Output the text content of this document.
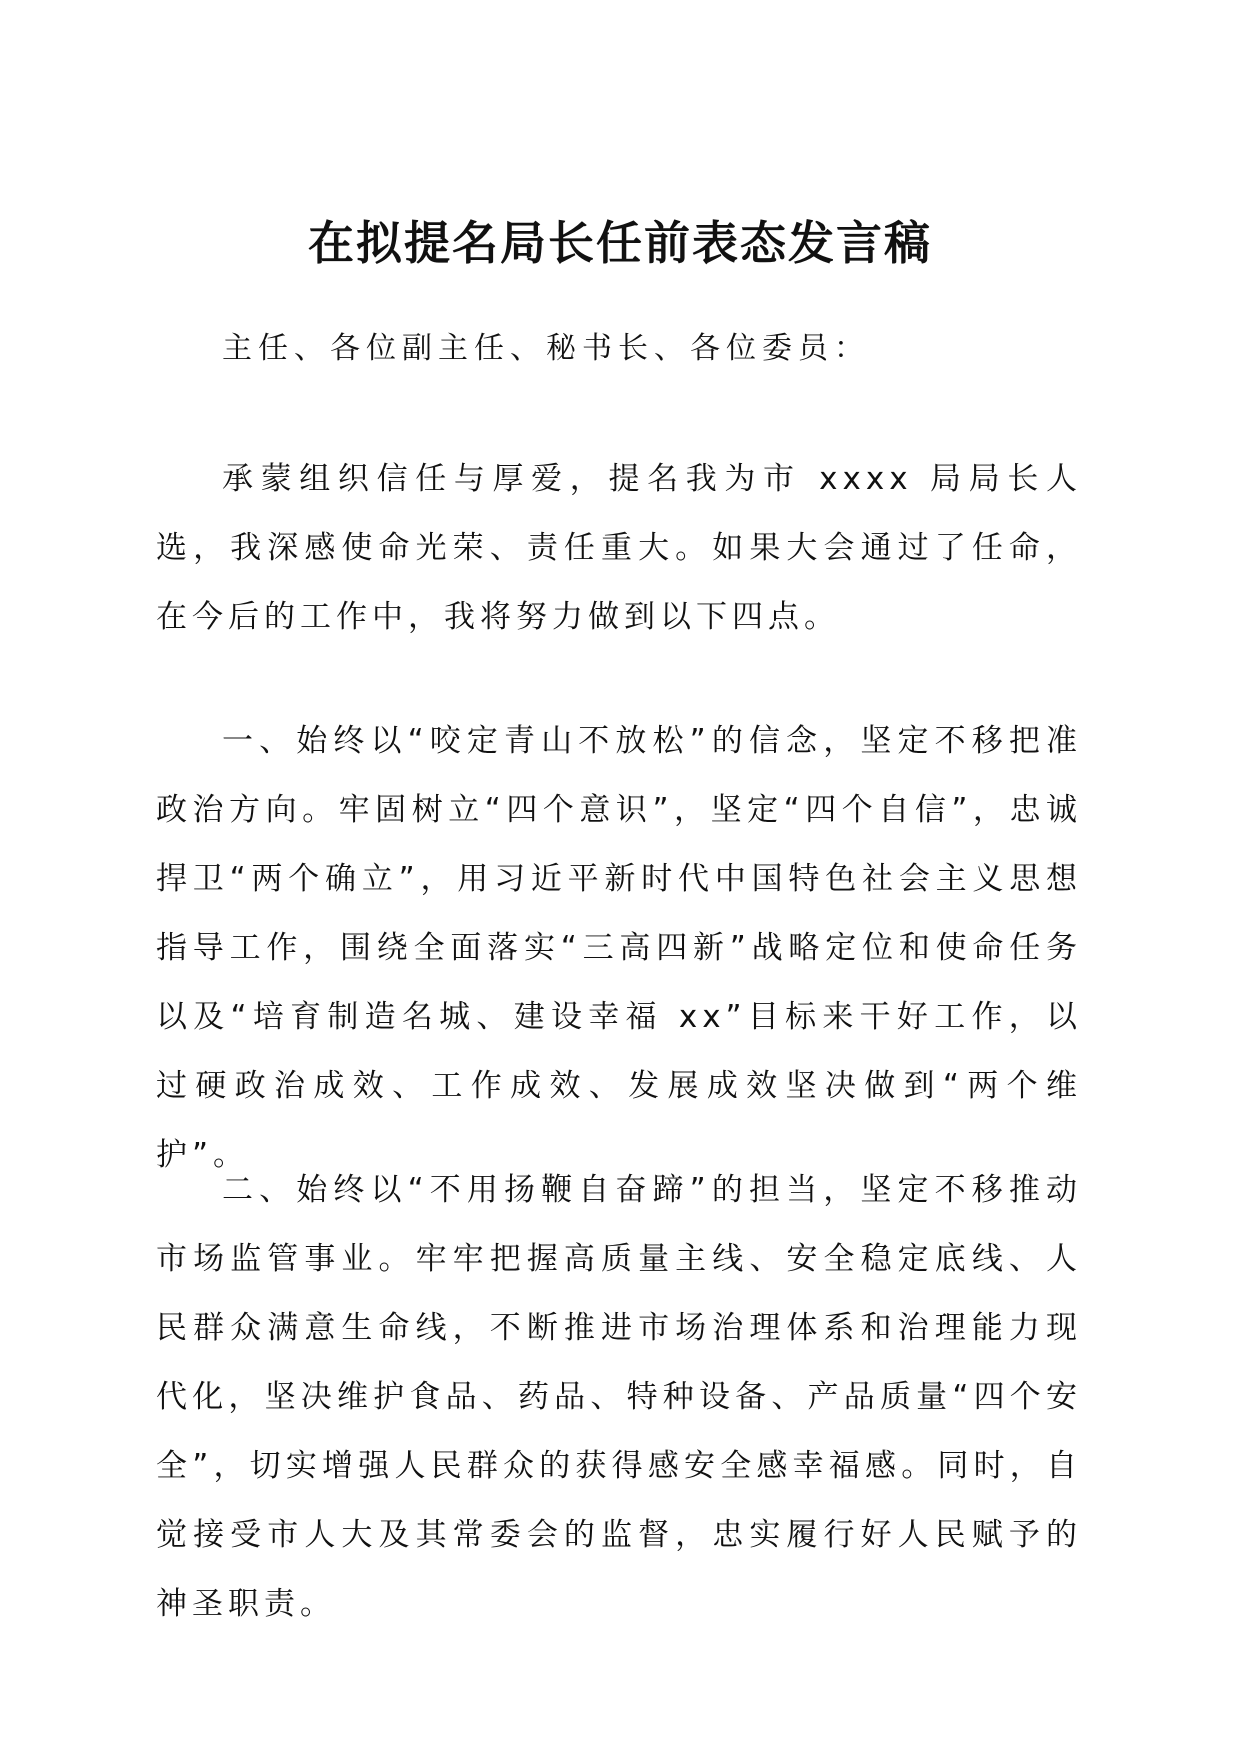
在拟提名局长任前表态发言稿

主任、各位副主任、秘书长、各位委员：

承蒙组织信任与厚爱，提名我为市 xxxx 局局长人选，我深感使命光荣、责任重大。如果大会通过了任命，在今后的工作中，我将努力做到以下四点。

一、始终以“咬定青山不放松”的信念，坚定不移把准政治方向。牢固树立“四个意识”，坚定“四个自信”，忠诚捍卫“两个确立”，用习近平新时代中国特色社会主义思想指导工作，围绕全面落实“三高四新”战略定位和使命任务以及“培育制造名城、建设幸福 xx”目标来干好工作，以过硬政治成效、工作成效、发展成效坚决做到“两个维护”。

二、始终以“不用扬鞭自奋蹄”的担当，坚定不移推动市场监管事业。牢牢把握高质量主线、安全稳定底线、人民群众满意生命线，不断推进市场治理体系和治理能力现代化，坚决维护食品、药品、特种设备、产品质量“四个安全”，切实增强人民群众的获得感安全感幸福感。同时，自觉接受市人大及其常委会的监督，忠实履行好人民赋予的神圣职责。
